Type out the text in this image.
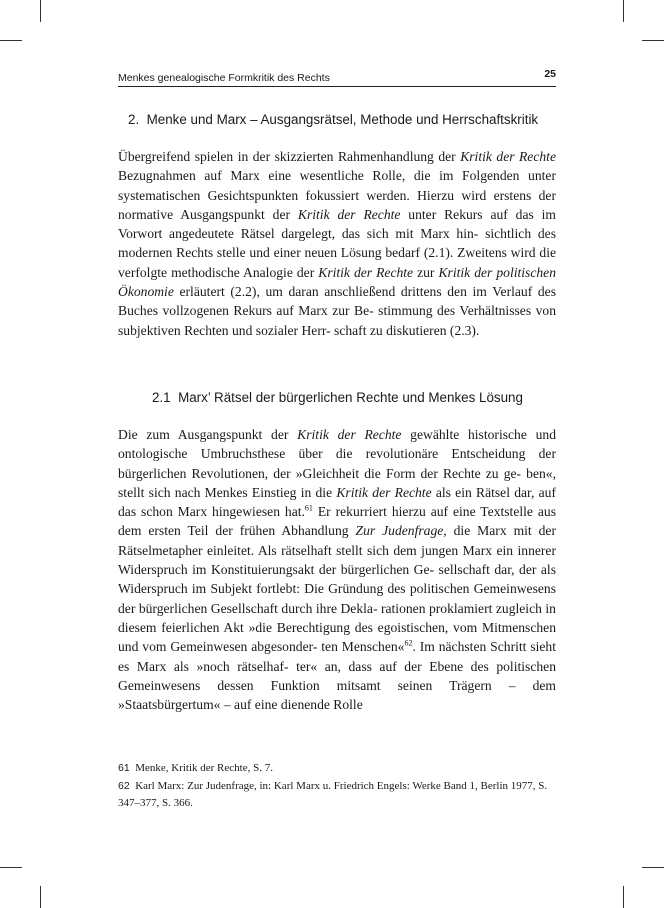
Menkes genealogische Formkritik des Rechts	25
2. Menke und Marx – Ausgangsrätsel, Methode und Herrschaftskritik

Übergreifend spielen in der skizzierten Rahmenhandlung der Kritik der Rechte Bezugnahmen auf Marx eine wesentliche Rolle, die im Folgenden unter systematischen Gesichtspunkten fokussiert werden. Hierzu wird erstens der normative Ausgangspunkt der Kritik der Rechte unter Rekurs auf das im Vorwort angedeutete Rätsel dargelegt, das sich mit Marx hin- sichtlich des modernen Rechts stelle und einer neuen Lösung bedarf (2.1). Zweitens wird die verfolgte methodische Analogie der Kritik der Rechte zur Kritik der politischen Ökonomie erläutert (2.2), um daran anschließend drittens den im Verlauf des Buches vollzogenen Rekurs auf Marx zur Be- stimmung des Verhältnisses von subjektiven Rechten und sozialer Herr- schaft zu diskutieren (2.3).

2.1 Marx’ Rätsel der bürgerlichen Rechte und Menkes Lösung

Die zum Ausgangspunkt der Kritik der Rechte gewählte historische und ontologische Umbruchsthese über die revolutionäre Entscheidung der bürgerlichen Revolutionen, der »Gleichheit die Form der Rechte zu ge- ben«, stellt sich nach Menkes Einstieg in die Kritik der Rechte als ein Rätsel dar, auf das schon Marx hingewiesen hat.$^{61}$ Er rekurriert hierzu auf eine Textstelle aus dem ersten Teil der frühen Abhandlung Zur Judenfrage, die Marx mit der Rätselmetapher einleitet. Als rätselhaft stellt sich dem jungen Marx ein innerer Widerspruch im Konstituierungsakt der bürgerlichen Ge- sellschaft dar, der als Widerspruch im Subjekt fortlebt: Die Gründung des politischen Gemeinwesens der bürgerlichen Gesellschaft durch ihre Dekla- rationen proklamiert zugleich in diesem feierlichen Akt »die Berechtigung des egoistischen, vom Mitmenschen und vom Gemeinwesen abgesonder- ten Menschen«$^{62}$. Im nächsten Schritt sieht es Marx als »noch rätselhaf- ter« an, dass auf der Ebene des politischen Gemeinwesens dessen Funktion mitsamt seinen Trägern – dem »Staatsbürgertum« – auf eine dienende Rolle

61 Menke, Kritik der Rechte, S. 7.

62 Karl Marx: Zur Judenfrage, in: Karl Marx u. Friedrich Engels: Werke Band 1, Berlin 1977, S. 347–377, S. 366.
